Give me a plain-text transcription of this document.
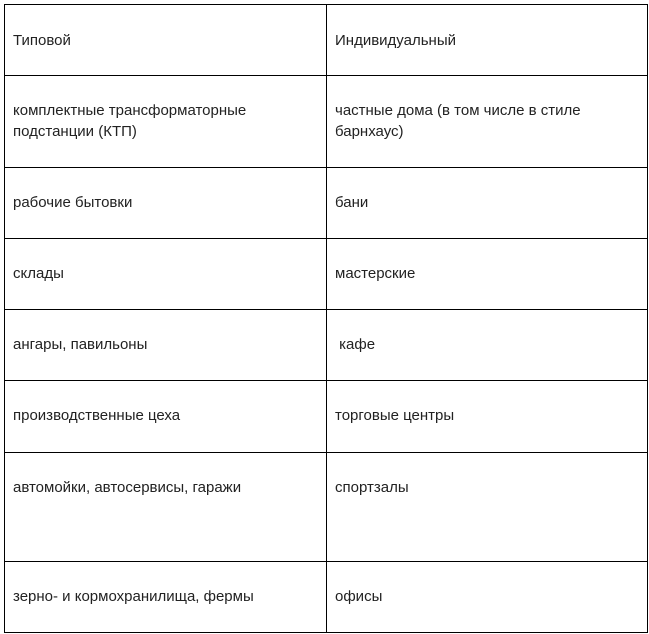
Типовой	Индивидуальный

комплектные трансформаторные подстанции (КТП)	частные дома (в том числе в стиле барнхаус)

рабочие бытовки	бани

склады	мастерские

ангары, павильоны	кафе

производственные цеха	торговые центры

автомойки, автосервисы, гаражи	спортзалы

зерно- и кормохранилища, фермы	офисы
